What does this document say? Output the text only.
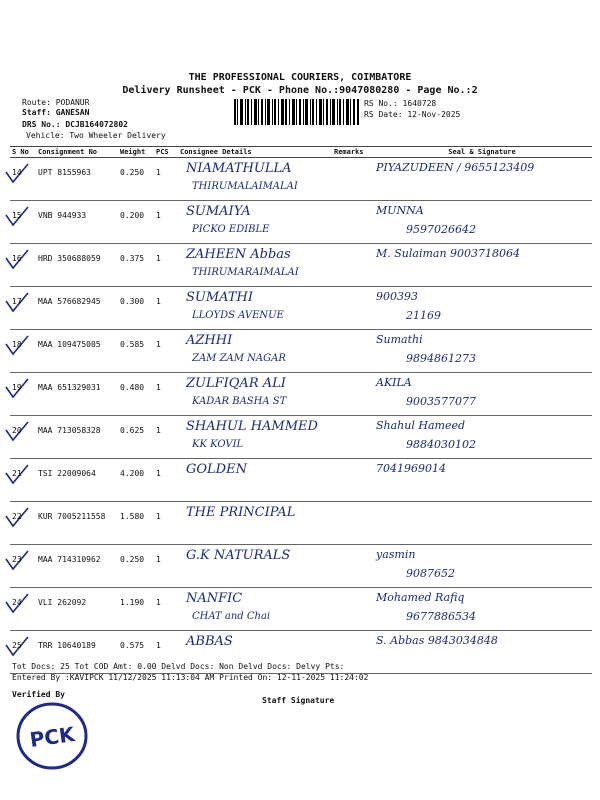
THE PROFESSIONAL COURIERS, COIMBATORE
Delivery Runsheet - PCK - Phone No.:9047080280 - Page No.:2
Route: PODANUR
Staff: GANESAN
DRS No.: DCJB164072802
Vehicle: Two Wheeler Delivery
RS No.: 1640728
RS Date: 12-Nov-2025
S No	Consignment No	Weight	PCS	Consignee Details	Remarks	Seal & Signature

14	UPT 8155963	0.250	1	NIAMATHULLA
THIRUMALAIMALAI		PIYAZUDEEN / 9655123409

15	VNB 944933	0.200	1	SUMAIYA
PICKO EDIBLE		MUNNA
9597026642

16	HRD 350688059	0.375	1	ZAHEEN Abbas
THIRUMARAIMALAI		M. Sulaiman 9003718064

17	MAA 576682945	0.300	1	SUMATHI
LLOYDS AVENUE		900393
21169

18	MAA 109475005	0.585	1	AZHHI
ZAM ZAM NAGAR		Sumathi
9894861273

19	MAA 651329031	0.480	1	ZULFIQAR ALI
KADAR BASHA ST		AKILA
9003577077

20	MAA 713058328	0.625	1	SHAHUL HAMMED
KK KOVIL		Shahul Hameed
9884030102

21	TSI 22009064	4.200	1	GOLDEN		7041969014

22	KUR 7005211558	1.580	1	THE PRINCIPAL		

23	MAA 714310962	0.250	1	G.K NATURALS		yasmin
9087652

24	VLI 262092	1.190	1	NANFIC
CHAT and Chai		Mohamed Rafiq
9677886534

25	TRR 10640189	0.575	1	ABBAS		S. Abbas 9843034848
Tot Docs: 25 Tot COD Amt: 0.00 Delvd Docs: Non Delvd Docs: Delvy Pts:
Entered By :KAVIPCK 11/12/2025 11:13:04 AM Printed On: 12-11-2025 11:24:02
Verified By
Staff Signature
PCK
